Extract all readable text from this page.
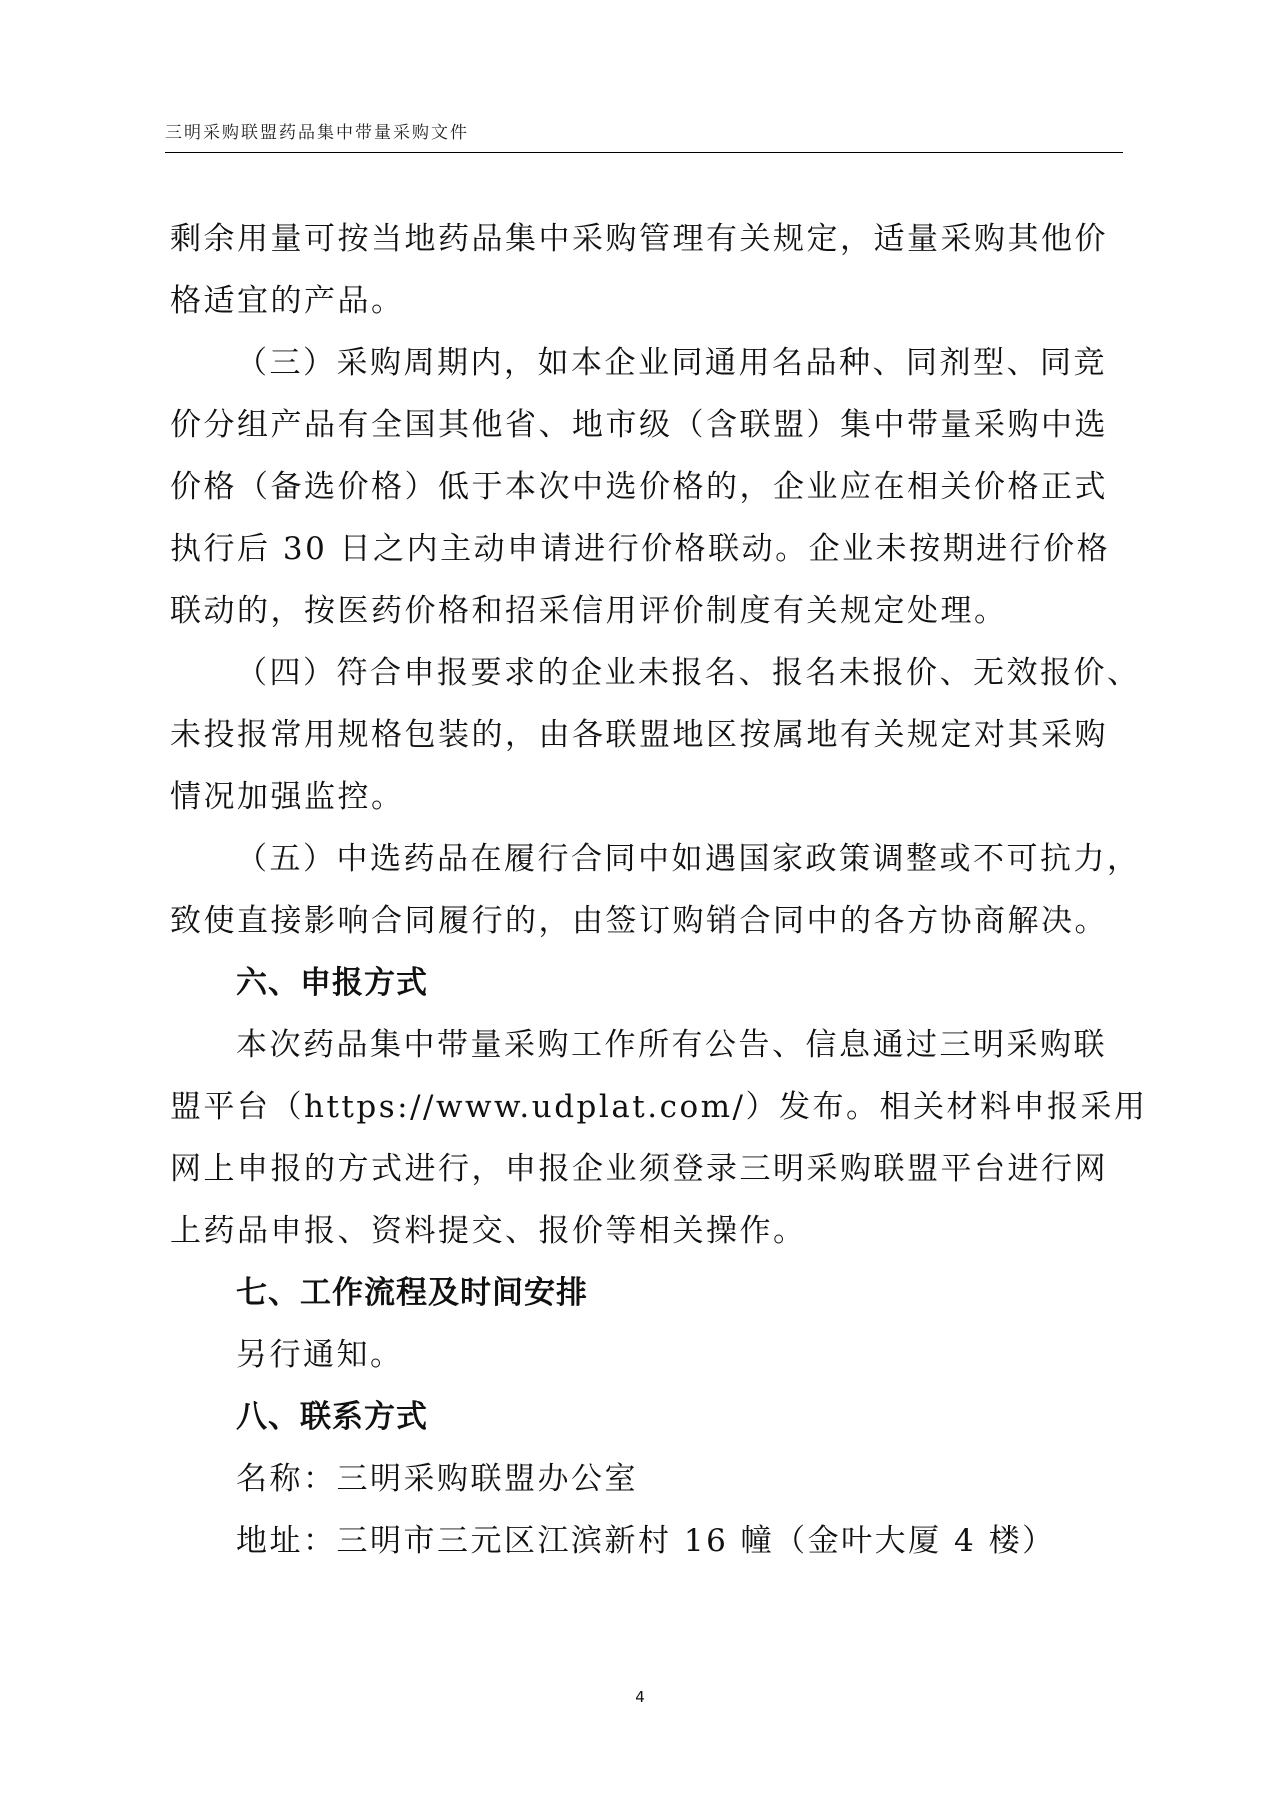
三明采购联盟药品集中带量采购文件
剩余用量可按当地药品集中采购管理有关规定，适量采购其他价
格适宜的产品。
（三）采购周期内，如本企业同通用名品种、同剂型、同竞
价分组产品有全国其他省、地市级（含联盟）集中带量采购中选
价格（备选价格）低于本次中选价格的，企业应在相关价格正式
执行后 30 日之内主动申请进行价格联动。企业未按期进行价格
联动的，按医药价格和招采信用评价制度有关规定处理。
（四）符合申报要求的企业未报名、报名未报价、无效报价、
未投报常用规格包装的，由各联盟地区按属地有关规定对其采购
情况加强监控。
（五）中选药品在履行合同中如遇国家政策调整或不可抗力，
致使直接影响合同履行的，由签订购销合同中的各方协商解决。
六、申报方式
本次药品集中带量采购工作所有公告、信息通过三明采购联
盟平台（https://www.udplat.com/）发布。相关材料申报采用
网上申报的方式进行，申报企业须登录三明采购联盟平台进行网
上药品申报、资料提交、报价等相关操作。
七、工作流程及时间安排
另行通知。
八、联系方式
名称：三明采购联盟办公室
地址：三明市三元区江滨新村 16 幢（金叶大厦 4 楼）
4
